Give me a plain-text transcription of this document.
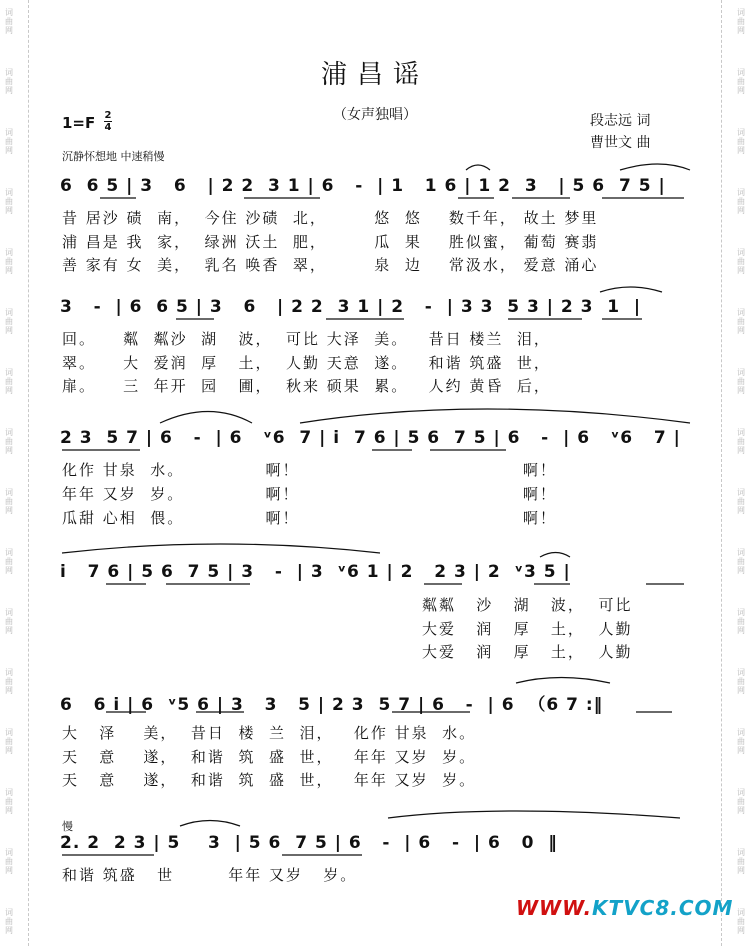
词
曲
网
词
曲
网
词
曲
网
词
曲
网
词
曲
网
词
曲
网
词
曲
网
词
曲
网
词
曲
网
词
曲
网
词
曲
网
词
曲
网
词
曲
网
词
曲
网
词
曲
网
词
曲
网
词
曲
网
词
曲
网
词
曲
网
词
曲
网
词
曲
网
词
曲
网
词
曲
网
词
曲
网
词
曲
网
词
曲
网
词
曲
网
词
曲
网
词
曲
网
词
曲
网
词
曲
网
词
曲
网
浦昌谣
（女声独唱）
1=F 2
4	段志远 词
曹世文 曲
沉静怀想地 中速稍慢
6  6 5 | 3   6   | 2 2  3 1 | 6   -  | 1   1 6 | 1 2  3   | 5 6  7 5 |
昔 居沙 碛  南，  今住 沙碛  北，       悠  悠    数千年， 故土 梦里
浦 昌是 我  家，  绿洲 沃土  肥，       瓜  果    胜似蜜， 葡萄 赛翡
善 家有 女  美，  乳名 唤香  翠，       泉  边    常汲水， 爱意 涌心
3   -  | 6  6 5 | 3   6   | 2 2  3 1 | 2   -  | 3 3  5 3 | 2 3  1  |
回。    粼  粼沙  湖   波，  可比 大泽  美。   昔日 楼兰  泪，
翠。    大  爱润  厚   土，  人勤 天意  遂。   和谐 筑盛  世，
扉。    三  年开  园   圃，  秋来 硕果  累。   人约 黄昏  后，
2 3  5 7 | 6   -  | 6   ᵛ6  7 | i  7 6 | 5 6  7 5 | 6   -  | 6   ᵛ6   7 |
化作 甘泉  水。            啊！                                 啊！
年年 又岁  岁。            啊！                                 啊！
瓜甜 心相  偎。            啊！                                 啊！
i   7 6 | 5 6  7 5 | 3   -  | 3  ᵛ6 1 | 2   2 3 | 2  ᵛ3 5 |
粼粼   沙   湖   波，  可比
大爱   润   厚   土，  人勤
大爱   润   厚   土，  人勤
6   6 i | 6  ᵛ5 6 | 3   3   5 | 2 3  5 7 | 6   -  | 6  （6 7 :‖
大   泽    美，  昔日  楼  兰  泪，   化作 甘泉  水。
天   意    遂，  和谐  筑  盛  世，   年年 又岁  岁。
天   意    遂，  和谐  筑  盛  世，   年年 又岁  岁。
慢
2. 2  2 3 | 5    3  | 5 6  7 5 | 6   -  | 6   -  | 6   0  ‖
和谐 筑盛   世        年年 又岁   岁。
WWW.KTVC8.COM
